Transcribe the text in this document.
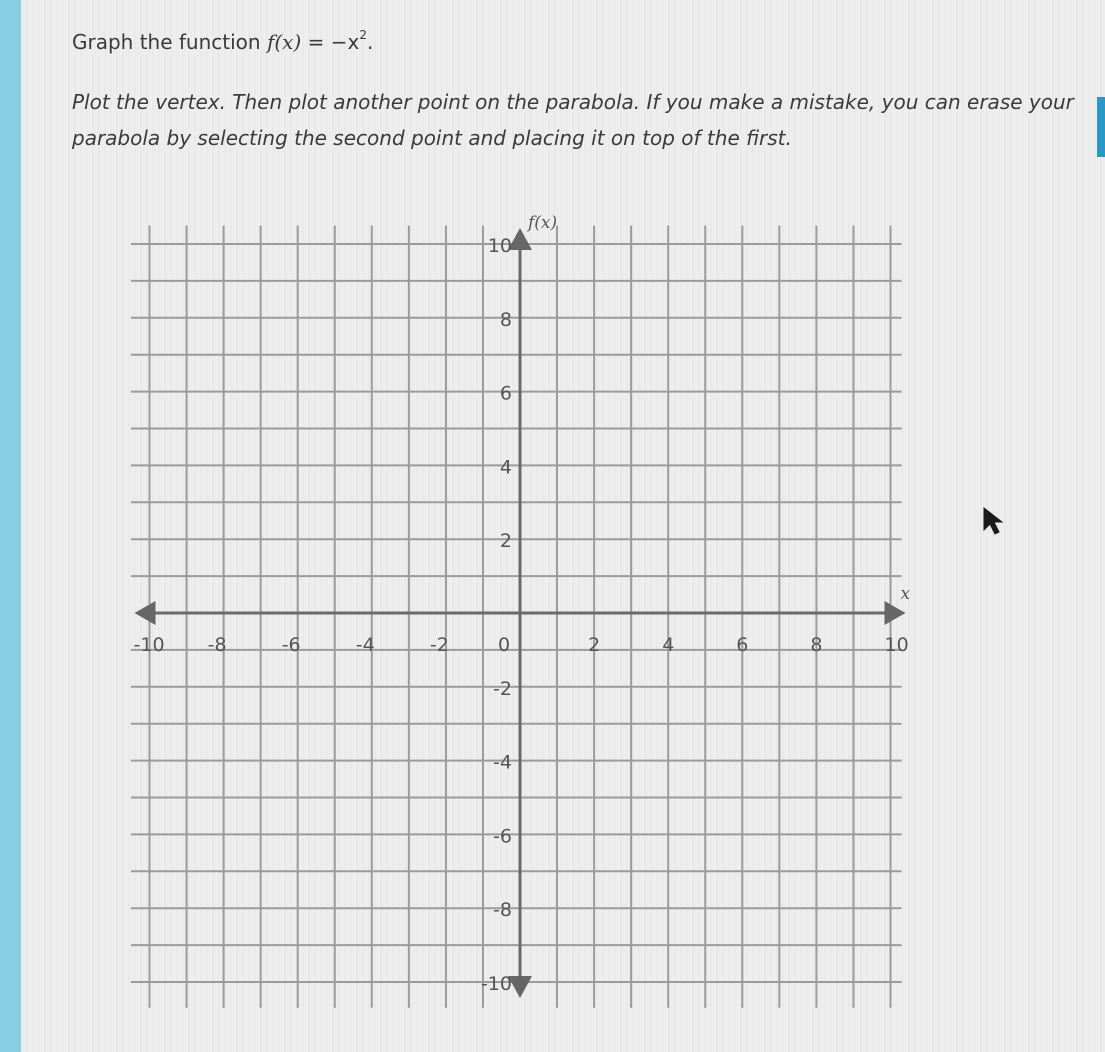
Graph the function $f(x) = -x^2$.
Plot the vertex. Then plot another point on the parabola. If you make a mistake, you can erase your parabola by selecting the second point and placing it on top of the first.
-10 -8	-6	-4	-2	0	2	4	6	8	10
10
8
6
4
2
-2
-4
-6
-8
-10
x
f(x)
